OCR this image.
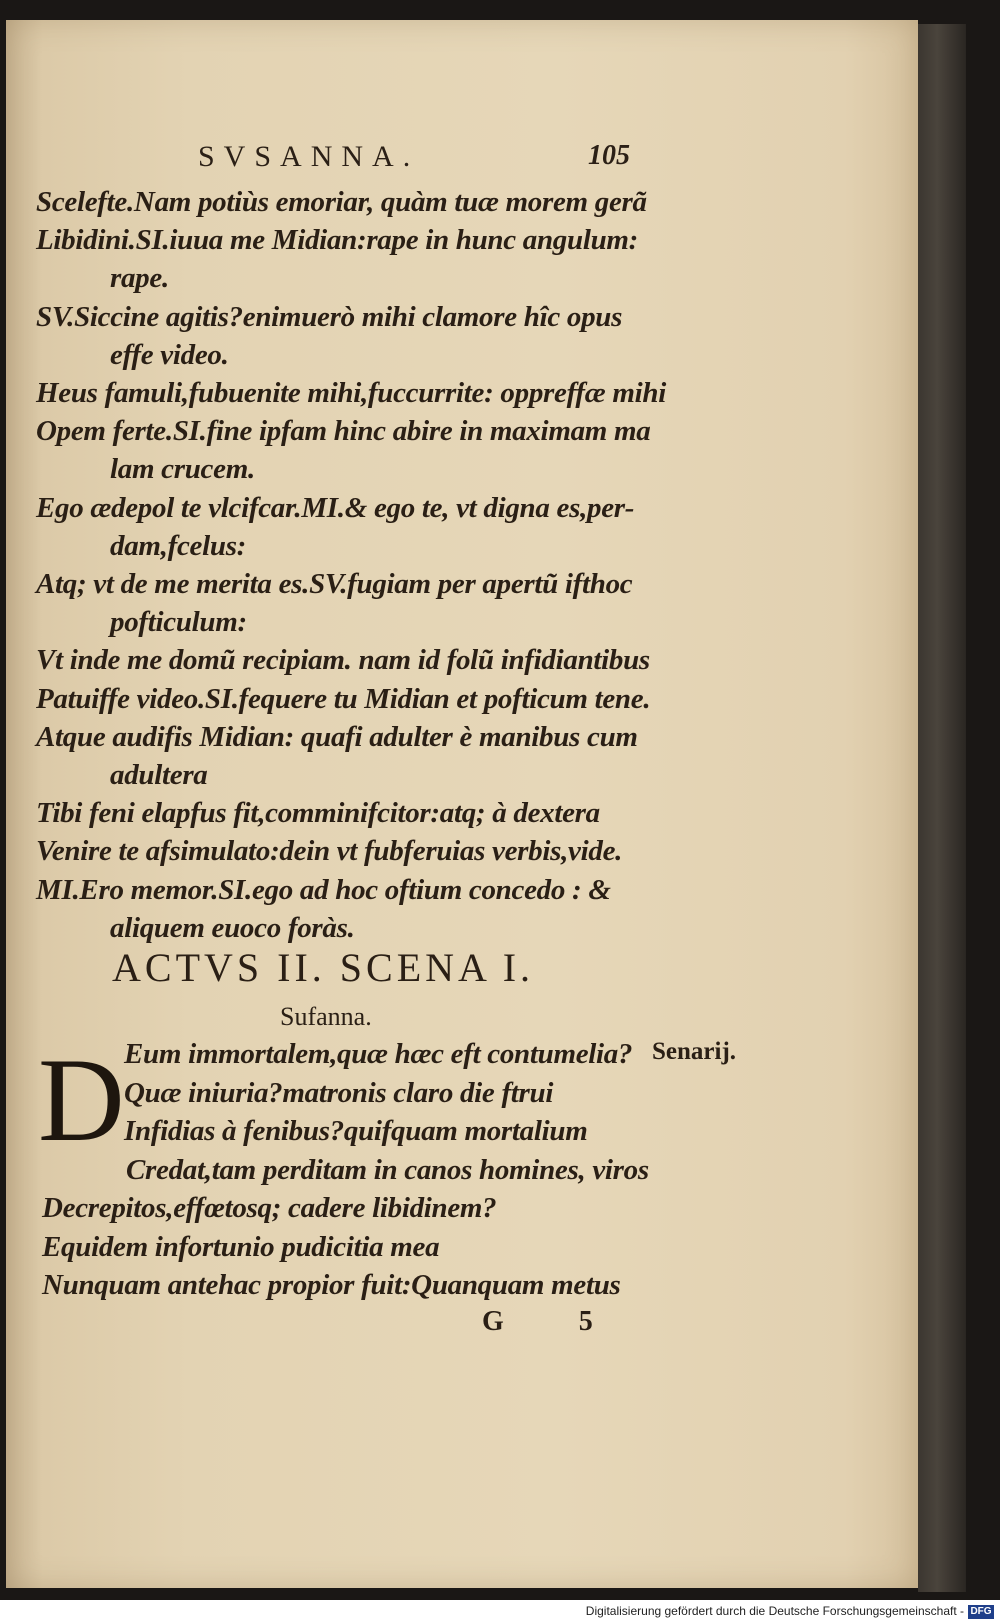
SVSANNA.	105
Scelefte.Nam potiùs emoriar, quàm tuæ morem gerã
Libidini.SI.iuua me Midian:rape in hunc angulum:
rape.
SV.Siccine agitis?enimuerò mihi clamore hîc opus
effe video.
Heus famuli,fubuenite mihi,fuccurrite: oppreffæ mihi
Opem ferte.SI.fine ipfam hinc abire in maximam ma
lam crucem.
Ego ædepol te vlcifcar.MI.& ego te, vt digna es,per-
dam,fcelus:
Atq; vt de me merita es.SV.fugiam per apertũ ifthoc
pofticulum:
Vt inde me domũ recipiam. nam id folũ infidiantibus
Patuiffe video.SI.fequere tu Midian et pofticum tene.
Atque audifis Midian: quafi adulter è manibus cum
adultera
Tibi feni elapfus fit,comminifcitor:atq; à dextera
Venire te afsimulato:dein vt fubferuias verbis,vide.
MI.Ero memor.SI.ego ad hoc oftium concedo : &
aliquem euoco foràs.
ACTVS II. SCENA I.
Sufanna.
D	Senarij.
Eum immortalem,quæ hæc eft contumelia?
Quæ iniuria?matronis claro die ftrui
Infidias à fenibus?quifquam mortalium
Credat,tam perditam in canos homines, viros
Decrepitos,effœtosq; cadere libidinem?
Equidem infortunio pudicitia mea
Nunquam antehac propior fuit:Quanquam metus
G 5
Digitalisierung gefördert durch die Deutsche Forschungsgemeinschaft - DFG
